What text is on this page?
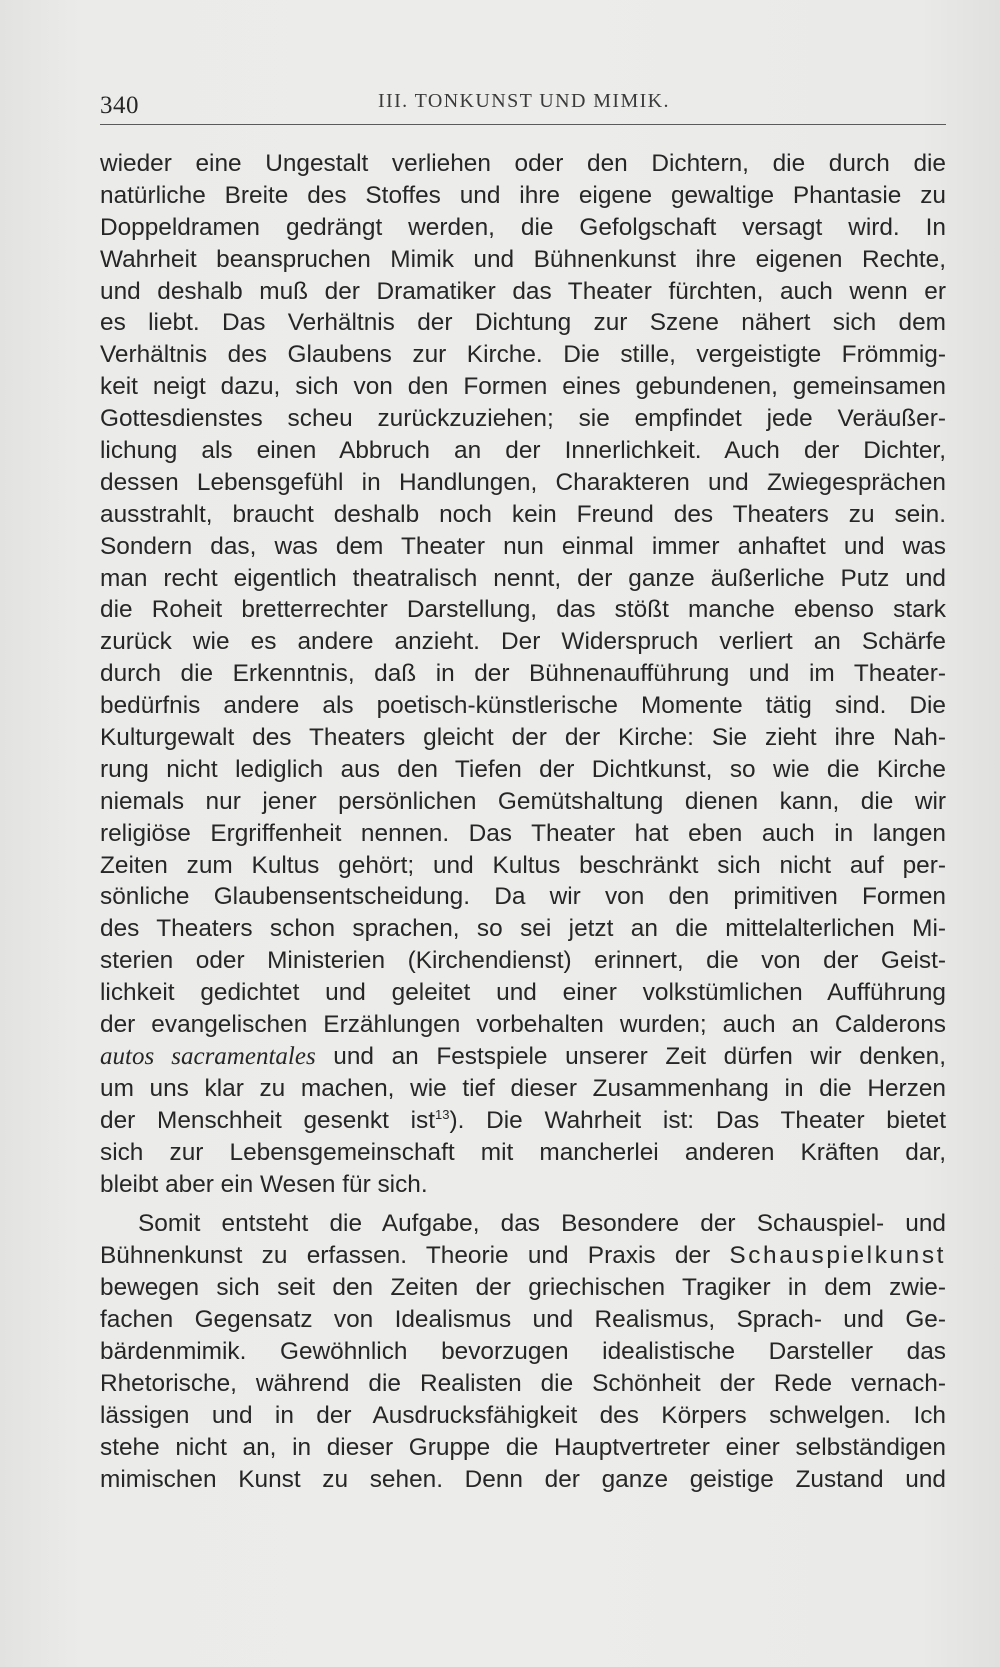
340	III. TONKUNST UND MIMIK.
wieder eine Ungestalt verliehen oder den Dichtern, die durch die
natürliche Breite des Stoffes und ihre eigene gewaltige Phantasie zu
Doppeldramen gedrängt werden, die Gefolgschaft versagt wird. In
Wahrheit beanspruchen Mimik und Bühnenkunst ihre eigenen Rechte,
und deshalb muß der Dramatiker das Theater fürchten, auch wenn er
es liebt. Das Verhältnis der Dichtung zur Szene nähert sich dem
Verhältnis des Glaubens zur Kirche. Die stille, vergeistigte Frömmig-
keit neigt dazu, sich von den Formen eines gebundenen, gemeinsamen
Gottesdienstes scheu zurückzuziehen; sie empfindet jede Veräußer-
lichung als einen Abbruch an der Innerlichkeit. Auch der Dichter,
dessen Lebensgefühl in Handlungen, Charakteren und Zwiegesprächen
ausstrahlt, braucht deshalb noch kein Freund des Theaters zu sein.
Sondern das, was dem Theater nun einmal immer anhaftet und was
man recht eigentlich theatralisch nennt, der ganze äußerliche Putz und
die Roheit bretterrechter Darstellung, das stößt manche ebenso stark
zurück wie es andere anzieht. Der Widerspruch verliert an Schärfe
durch die Erkenntnis, daß in der Bühnenaufführung und im Theater-
bedürfnis andere als poetisch-künstlerische Momente tätig sind. Die
Kulturgewalt des Theaters gleicht der der Kirche: Sie zieht ihre Nah-
rung nicht lediglich aus den Tiefen der Dichtkunst, so wie die Kirche
niemals nur jener persönlichen Gemütshaltung dienen kann, die wir
religiöse Ergriffenheit nennen. Das Theater hat eben auch in langen
Zeiten zum Kultus gehört; und Kultus beschränkt sich nicht auf per-
sönliche Glaubensentscheidung. Da wir von den primitiven Formen
des Theaters schon sprachen, so sei jetzt an die mittelalterlichen Mi-
sterien oder Ministerien (Kirchendienst) erinnert, die von der Geist-
lichkeit gedichtet und geleitet und einer volkstümlichen Aufführung
der evangelischen Erzählungen vorbehalten wurden; auch an Calderons
autos sacramentales und an Festspiele unserer Zeit dürfen wir denken,
um uns klar zu machen, wie tief dieser Zusammenhang in die Herzen
der Menschheit gesenkt ist$^{13}$). Die Wahrheit ist: Das Theater bietet
sich zur Lebensgemeinschaft mit mancherlei anderen Kräften dar,
bleibt aber ein Wesen für sich.
Somit entsteht die Aufgabe, das Besondere der Schauspiel- und
Bühnenkunst zu erfassen. Theorie und Praxis der Schauspielkunst
bewegen sich seit den Zeiten der griechischen Tragiker in dem zwie-
fachen Gegensatz von Idealismus und Realismus, Sprach- und Ge-
bärdenmimik. Gewöhnlich bevorzugen idealistische Darsteller das
Rhetorische, während die Realisten die Schönheit der Rede vernach-
lässigen und in der Ausdrucksfähigkeit des Körpers schwelgen. Ich
stehe nicht an, in dieser Gruppe die Hauptvertreter einer selbständigen
mimischen Kunst zu sehen. Denn der ganze geistige Zustand und
